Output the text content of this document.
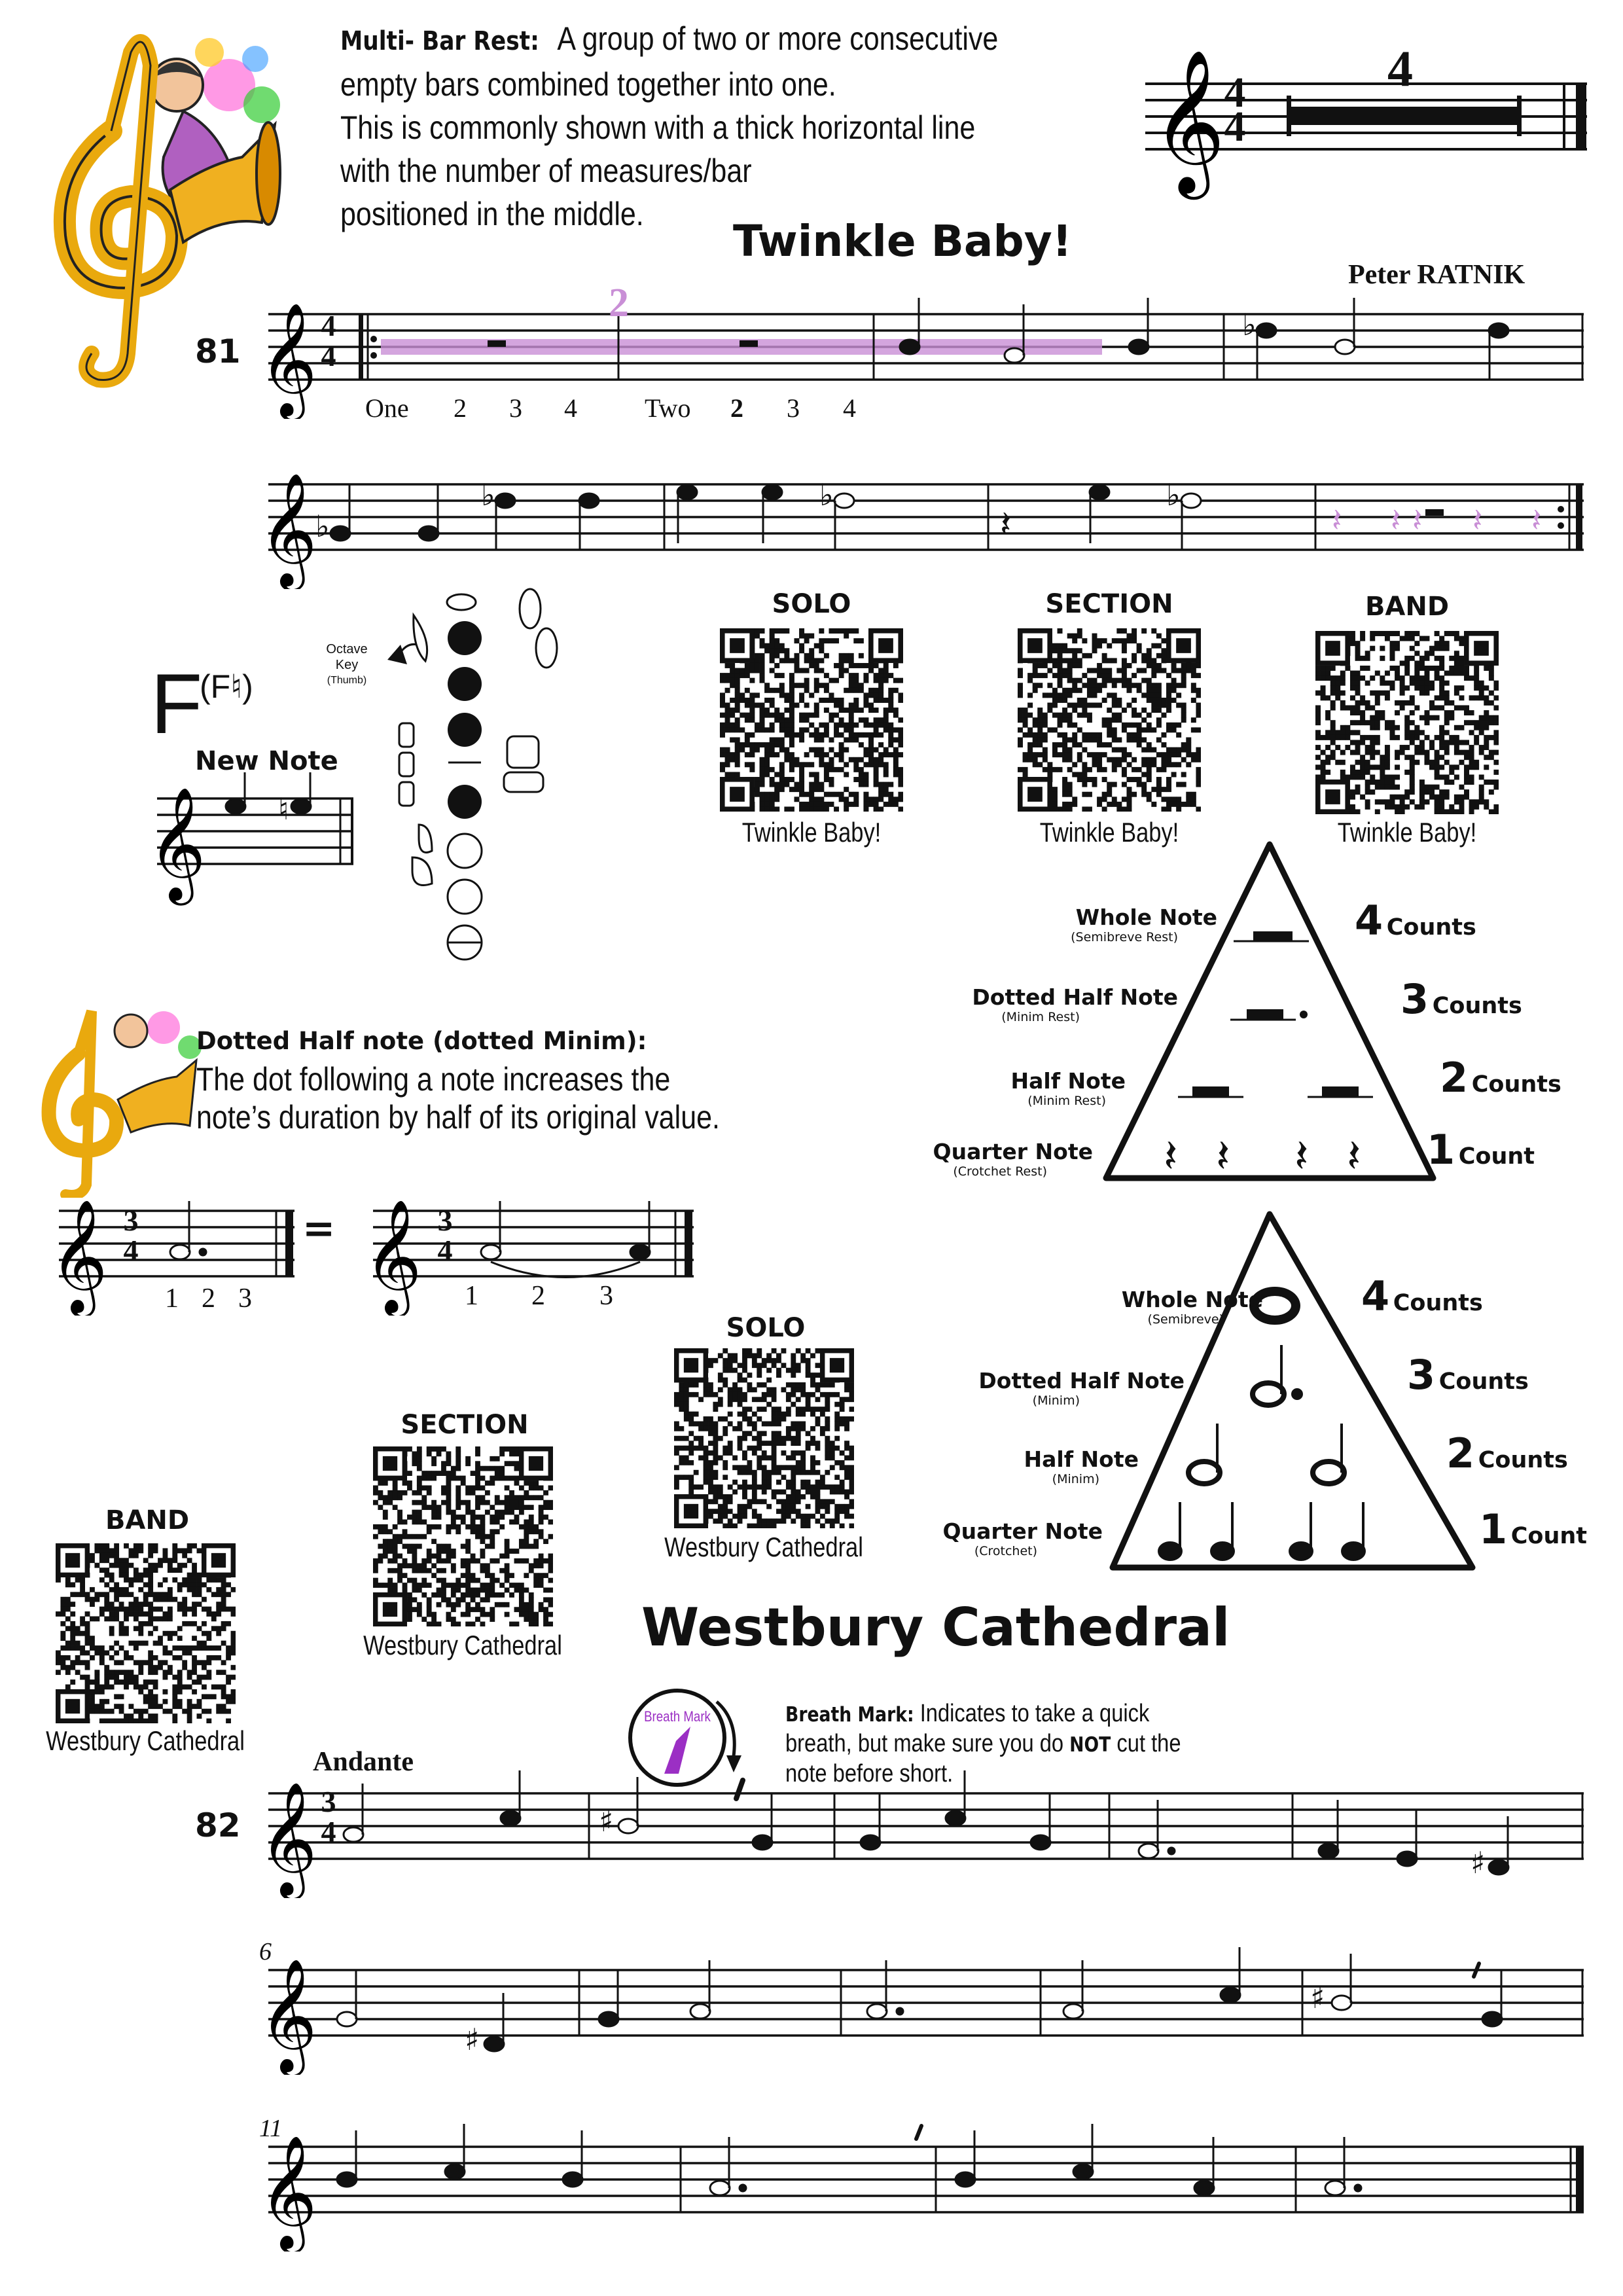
Multi- Bar Rest: A group of two or more consecutive
empty bars combined together into one.
This is commonly shown with a thick horizontal line
with the number of measures/bar
positioned in the middle.
𝄞	4
4
4
Twinkle Baby!
Peter RATNIK
81 𝄞	♭
2
4
4
One 2 3 4	Two 2 3 4
𝄞
♭
♭	♭
𝄽
♭
𝄽 𝄽 𝄽 𝄽
𝄽
F
(F♮)
New Note
𝄞 ♮
Octave
Key
(Thumb)
SOLO	SECTION	BAND
Twinkle Baby!	Twinkle Baby!	Twinkle Baby!
𝄽 𝄽 𝄽 𝄽
Whole Note
(Semibreve Rest)
Dotted Half Note
(Minim Rest)
Half Note
(Minim Rest)
Quarter Note
(Crotchet Rest)
4 Counts
3 Counts
2 Counts
1 Count
Dotted Half note (dotted Minim):
The dot following a note increases the
note’s duration by half of its original value.
𝄞	𝄞
=
3
4
3
4
1 2 3	1 2 3	Whole Note
(Semibreve)
Dotted Half Note
(Minim)
Half Note
(Minim)
Quarter Note
(Crotchet)
4 Counts
3 Counts
2 Counts
1 Count
SOLO
SECTION
BAND
Westbury Cathedral
Westbury Cathedral
Westbury Cathedral
Westbury Cathedral
Breath Mark	Breath Mark: Indicates to take a quick
breath, but make sure you do NOT cut the
note before short.
Andante
82
3
4
6
11
𝄞	♯
♯
𝄞	♯
♯
𝄞
